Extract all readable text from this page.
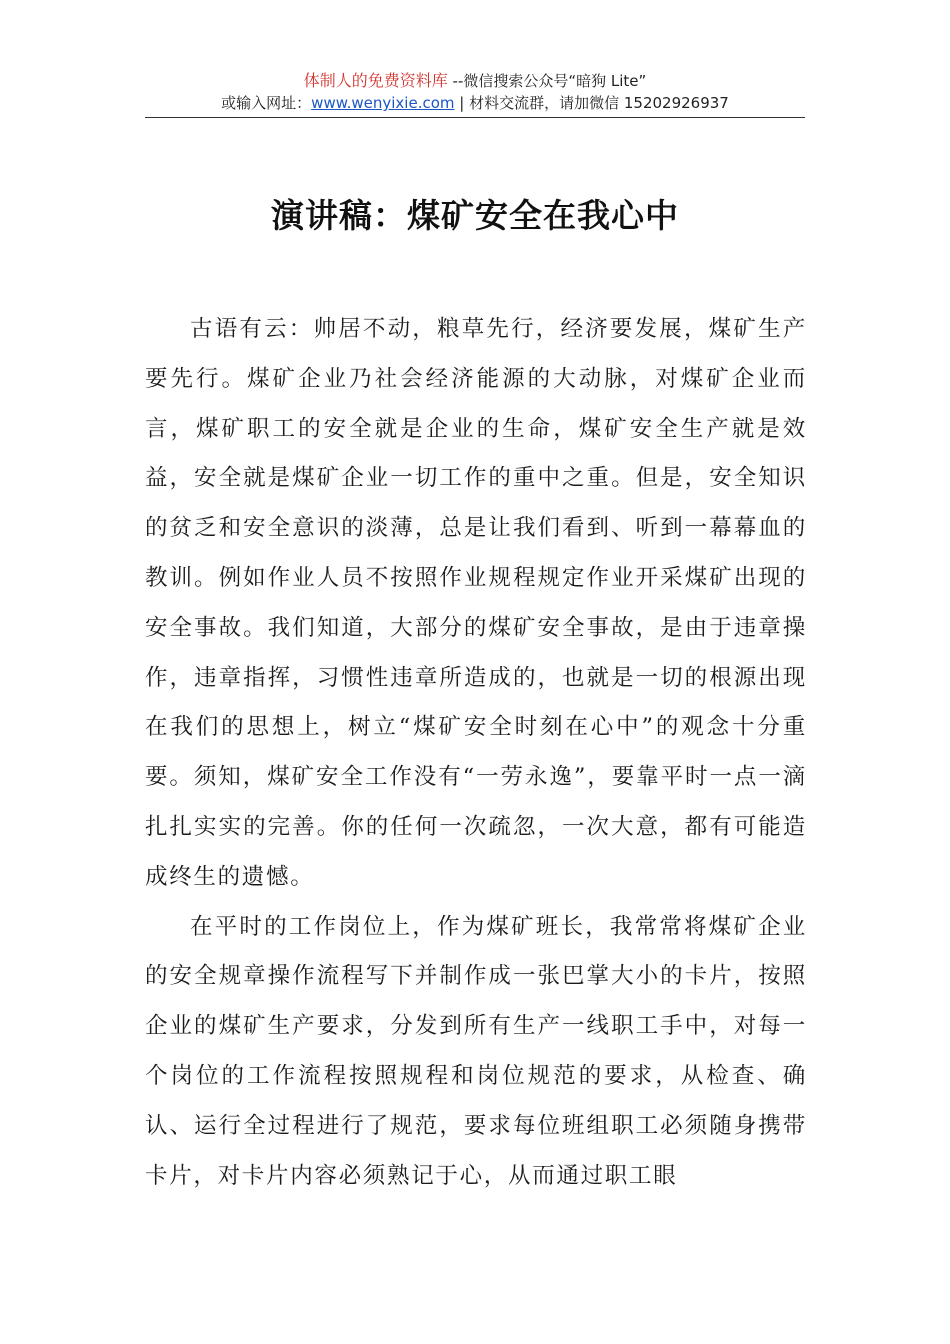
体制人的免费资料库 --微信搜索公众号“暗狗 Lite”
或输入网址：www.wenyixie.com | 材料交流群，请加微信 15202926937
演讲稿：煤矿安全在我心中

古语有云：帅居不动，粮草先行，经济要发展，煤矿生产要先行。煤矿企业乃社会经济能源的大动脉，对煤矿企业而言，煤矿职工的安全就是企业的生命，煤矿安全生产就是效益，安全就是煤矿企业一切工作的重中之重。但是，安全知识的贫乏和安全意识的淡薄，总是让我们看到、听到一幕幕血的教训。例如作业人员不按照作业规程规定作业开采煤矿出现的安全事故。我们知道，大部分的煤矿安全事故，是由于违章操作，违章指挥，习惯性违章所造成的，也就是一切的根源出现在我们的思想上，树立“煤矿安全时刻在心中”的观念十分重要。须知，煤矿安全工作没有“一劳永逸”，要靠平时一点一滴扎扎实实的完善。你的任何一次疏忽，一次大意，都有可能造成终生的遗憾。

在平时的工作岗位上，作为煤矿班长，我常常将煤矿企业的安全规章操作流程写下并制作成一张巴掌大小的卡片，按照企业的煤矿生产要求，分发到所有生产一线职工手中，对每一个岗位的工作流程按照规程和岗位规范的要求，从检查、确认、运行全过程进行了规范，要求每位班组职工必须随身携带卡片，对卡片内容必须熟记于心，从而通过职工眼
